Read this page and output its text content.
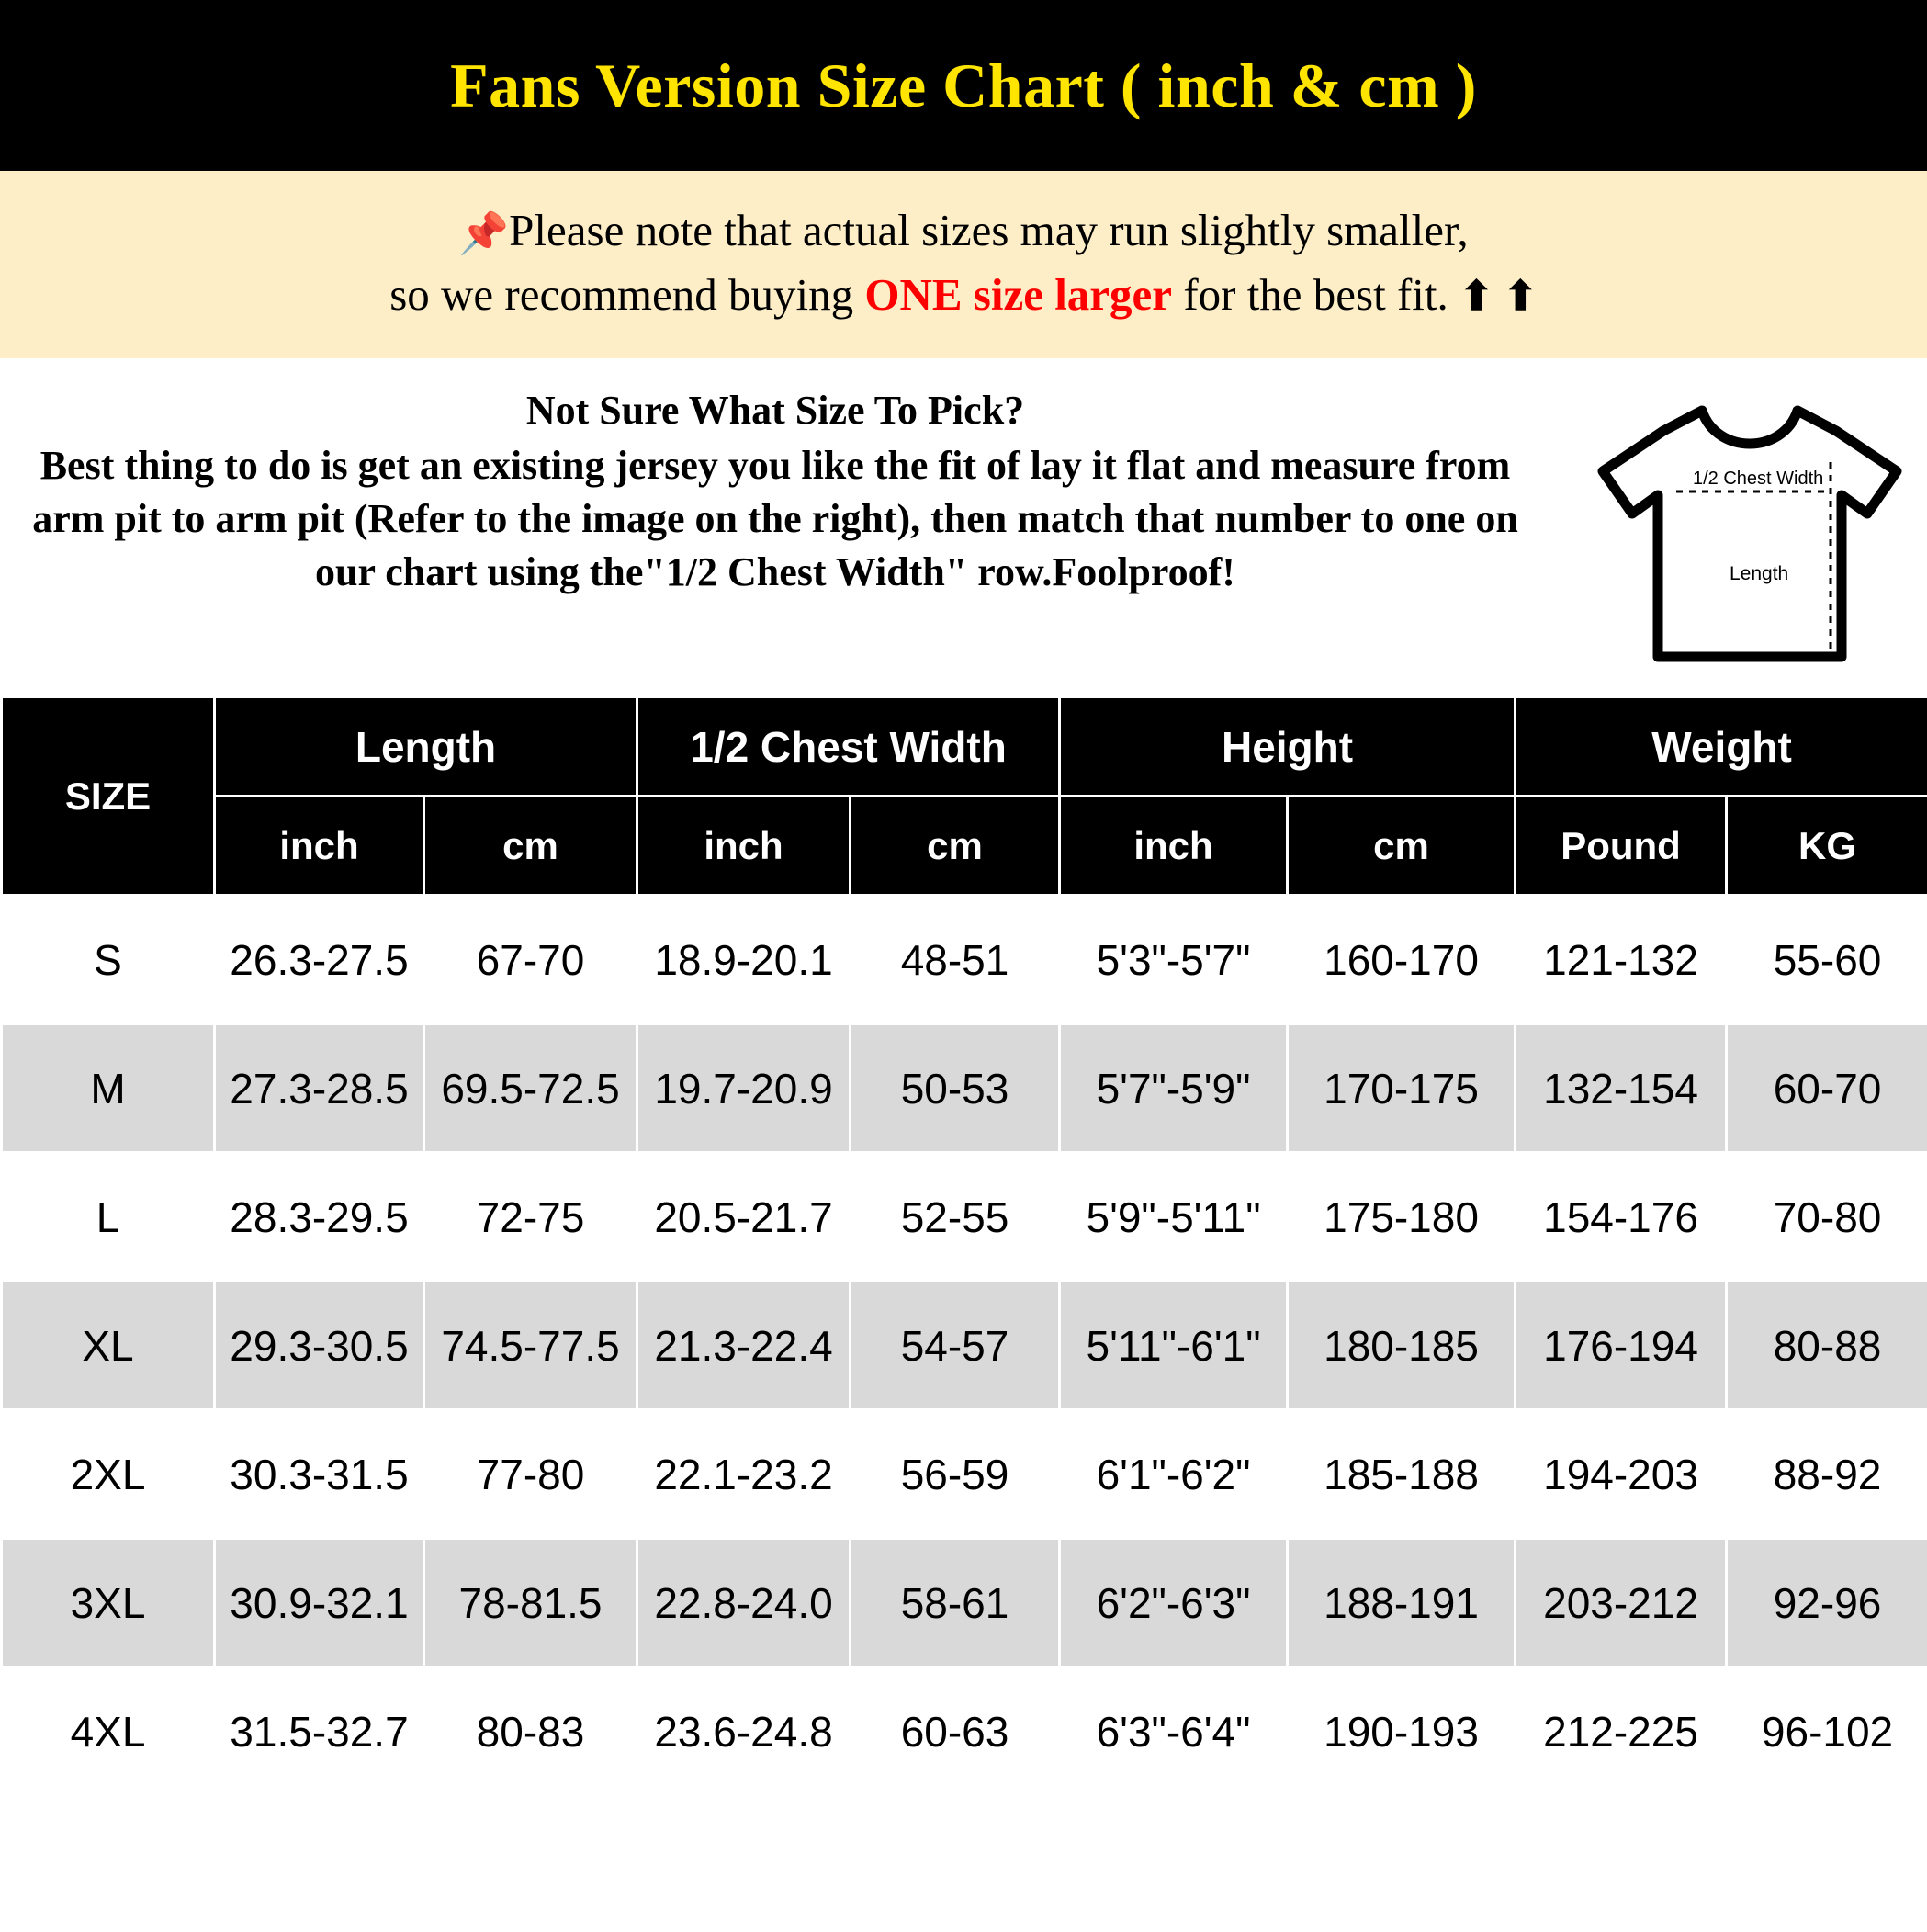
Fans Version Size Chart ( inch & cm )
📌Please note that actual sizes may run slightly smaller,
so we recommend buying ONE size larger for the best fit. ⬆ ⬆
Not Sure What Size To Pick?
Best thing to do is get an existing jersey you like the fit of lay it flat and measure from arm pit to arm pit (Refer to the image on the right), then match that number to one on our chart using the"1/2 Chest Width" row.Foolproof!
1/2 Chest Width
Length
SIZE	Length		1/2 Chest Width		Height		Weight	
	inch	cm	inch	cm	inch	cm	Pound	KG
S	26.3-27.5	67-70	18.9-20.1	48-51	5'3"-5'7"	160-170	121-132	55-60
M	27.3-28.5	69.5-72.5	19.7-20.9	50-53	5'7"-5'9"	170-175	132-154	60-70
L	28.3-29.5	72-75	20.5-21.7	52-55	5'9"-5'11"	175-180	154-176	70-80
XL	29.3-30.5	74.5-77.5	21.3-22.4	54-57	5'11"-6'1"	180-185	176-194	80-88
2XL	30.3-31.5	77-80	22.1-23.2	56-59	6'1"-6'2"	185-188	194-203	88-92
3XL	30.9-32.1	78-81.5	22.8-24.0	58-61	6'2"-6'3"	188-191	203-212	92-96
4XL	31.5-32.7	80-83	23.6-24.8	60-63	6'3"-6'4"	190-193	212-225	96-102
